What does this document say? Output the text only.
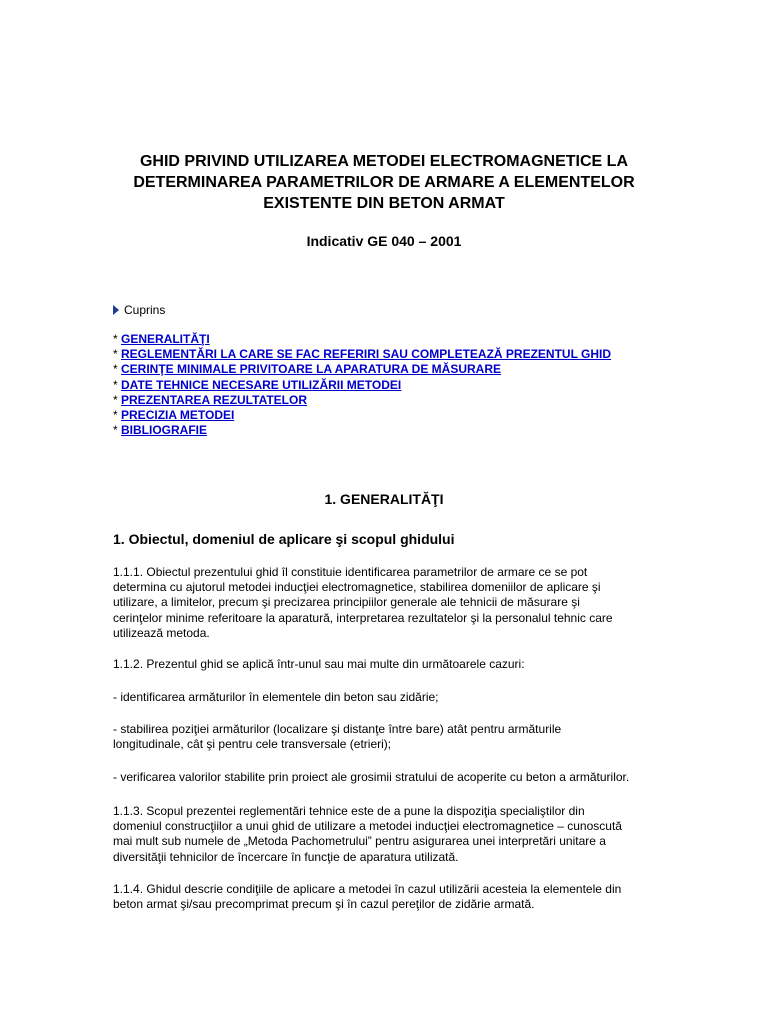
GHID PRIVIND UTILIZAREA METODEI ELECTROMAGNETICE LA
DETERMINAREA PARAMETRILOR DE ARMARE A ELEMENTELOR
EXISTENTE DIN BETON ARMAT
Indicativ GE 040 – 2001
Cuprins
* GENERALITĂŢI
* REGLEMENTĂRI LA CARE SE FAC REFERIRI SAU COMPLETEAZĂ PREZENTUL GHID
* CERINŢE MINIMALE PRIVITOARE LA APARATURA DE MĂSURARE
* DATE TEHNICE NECESARE UTILIZĂRII METODEI
* PREZENTAREA REZULTATELOR
* PRECIZIA METODEI
* BIBLIOGRAFIE
1. GENERALITĂŢI
1. Obiectul, domeniul de aplicare şi scopul ghidului

1.1.1. Obiectul prezentului ghid îl constituie identificarea parametrilor de armare ce se pot
determina cu ajutorul metodei inducţiei electromagnetice, stabilirea domeniilor de aplicare şi
utilizare, a limitelor, precum şi precizarea principiilor generale ale tehnicii de măsurare şi
cerinţelor minime referitoare la aparatură, interpretarea rezultatelor şi la personalul tehnic care
utilizează metoda.

1.1.2. Prezentul ghid se aplică într-unul sau mai multe din următoarele cazuri:

- identificarea armăturilor în elementele din beton sau zidărie;

- stabilirea poziţiei armăturilor (localizare şi distanţe între bare) atât pentru armăturile
longitudinale, cât şi pentru cele transversale (etrieri);

- verificarea valorilor stabilite prin proiect ale grosimii stratului de acoperite cu beton a armăturilor.

1.1.3. Scopul prezentei reglementări tehnice este de a pune la dispoziţia specialiştilor din
domeniul construcţiilor a unui ghid de utilizare a metodei inducţiei electromagnetice – cunoscută
mai mult sub numele de „Metoda Pachometrului” pentru asigurarea unei interpretări unitare a
diversităţii tehnicilor de încercare în funcţie de aparatura utilizată.

1.1.4. Ghidul descrie condiţiile de aplicare a metodei în cazul utilizării acesteia la elementele din
beton armat şi/sau precomprimat precum şi în cazul pereţilor de zidărie armată.
